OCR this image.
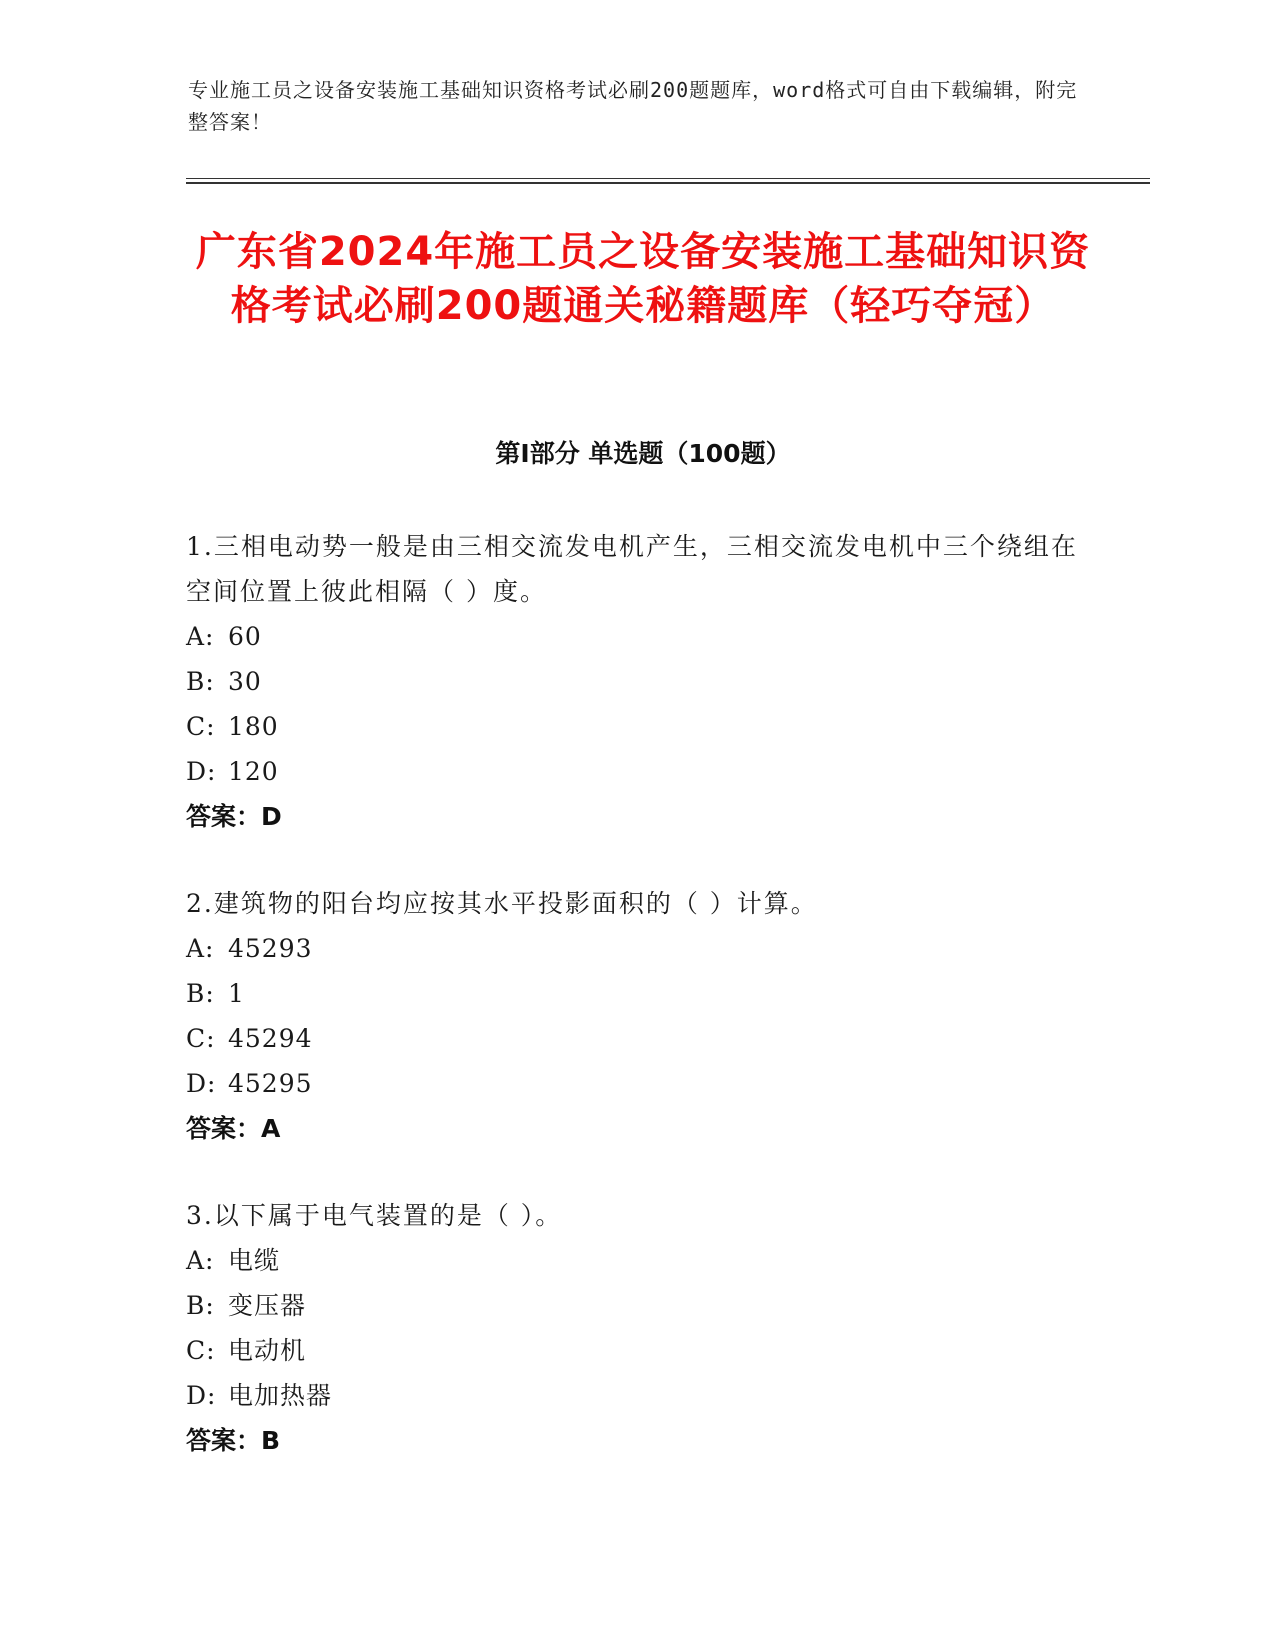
专业施工员之设备安装施工基础知识资格考试必刷200题题库，word格式可自由下载编辑，附完整答案！
广东省2024年施工员之设备安装施工基础知识资格考试必刷200题通关秘籍题库（轻巧夺冠）
第I部分 单选题（100题）

1.三相电动势一般是由三相交流发电机产生，三相交流发电机中三个绕组在空间位置上彼此相隔（ ）度。

A: 60
B: 30
C: 180
D: 120
答案：D

2.建筑物的阳台均应按其水平投影面积的（ ）计算。

A: 45293
B: 1
C: 45294
D: 45295
答案：A

3.以下属于电气装置的是（ ）。

A: 电缆
B: 变压器
C: 电动机
D: 电加热器
答案：B
